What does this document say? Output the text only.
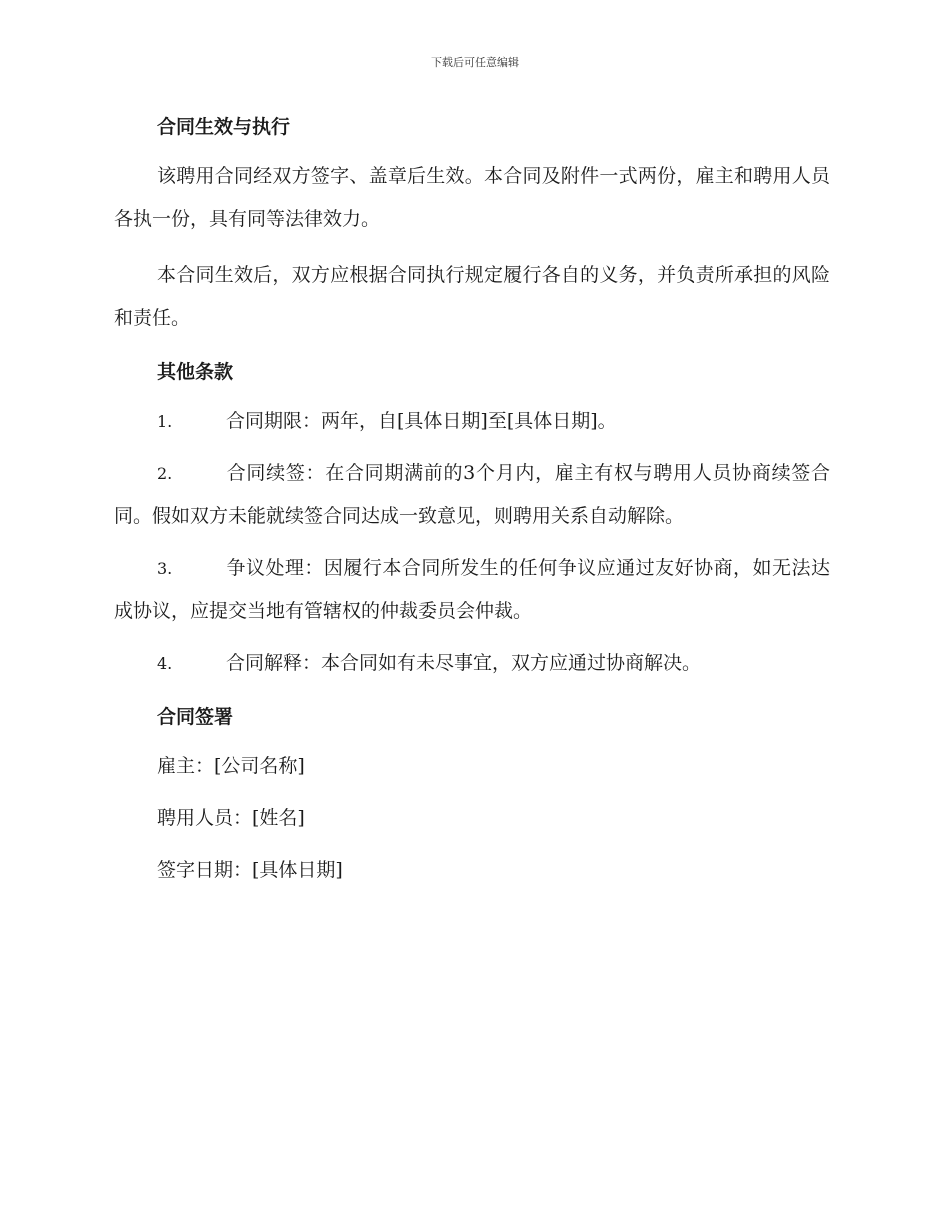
下载后可任意编辑
合同生效与执行

该聘用合同经双方签字、盖章后生效。本合同及附件一式两份，雇主和聘用人员各执一份，具有同等法律效力。

本合同生效后，双方应根据合同执行规定履行各自的义务，并负责所承担的风险和责任。

其他条款

1.	合同期限：两年，自[具体日期]至[具体日期]。

2.	合同续签：在合同期满前的3个月内，雇主有权与聘用人员协商续签合同。假如双方未能就续签合同达成一致意见，则聘用关系自动解除。

3.	争议处理：因履行本合同所发生的任何争议应通过友好协商，如无法达成协议，应提交当地有管辖权的仲裁委员会仲裁。

4.	合同解释：本合同如有未尽事宜，双方应通过协商解决。

合同签署

雇主：[公司名称]

聘用人员：[姓名]

签字日期：[具体日期]
